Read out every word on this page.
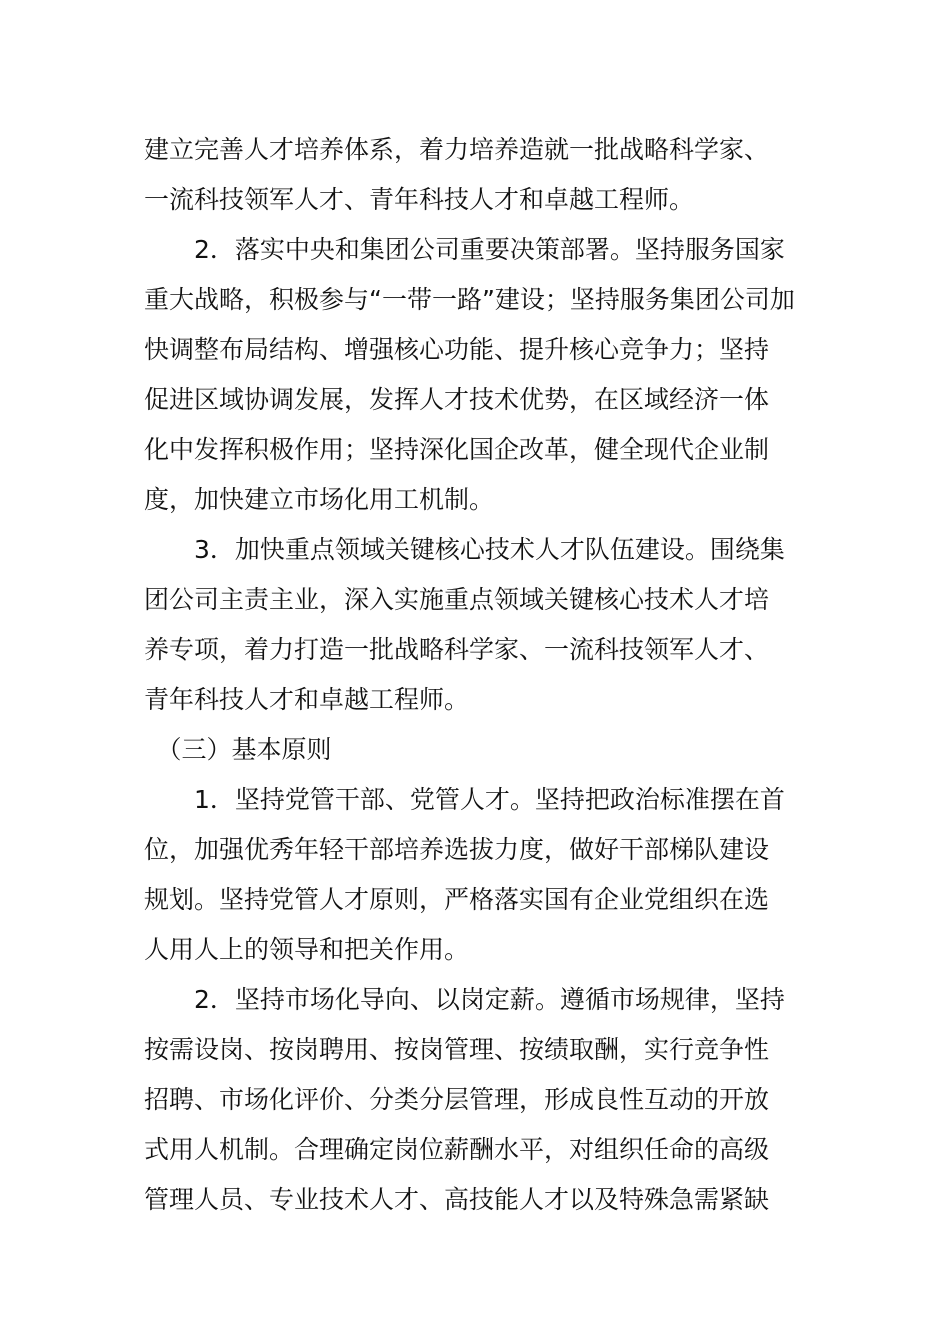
建立完善人才培养体系，着力培养造就一批战略科学家、
一流科技领军人才、青年科技人才和卓越工程师。
　　2．落实中央和集团公司重要决策部署。坚持服务国家
重大战略，积极参与“一带一路”建设；坚持服务集团公司加
快调整布局结构、增强核心功能、提升核心竞争力；坚持
促进区域协调发展，发挥人才技术优势，在区域经济一体
化中发挥积极作用；坚持深化国企改革，健全现代企业制
度，加快建立市场化用工机制。
　　3．加快重点领域关键核心技术人才队伍建设。围绕集
团公司主责主业，深入实施重点领域关键核心技术人才培
养专项，着力打造一批战略科学家、一流科技领军人才、
青年科技人才和卓越工程师。
　（三）基本原则
　　1．坚持党管干部、党管人才。坚持把政治标准摆在首
位，加强优秀年轻干部培养选拔力度，做好干部梯队建设
规划。坚持党管人才原则，严格落实国有企业党组织在选
人用人上的领导和把关作用。
　　2．坚持市场化导向、以岗定薪。遵循市场规律，坚持
按需设岗、按岗聘用、按岗管理、按绩取酬，实行竞争性
招聘、市场化评价、分类分层管理，形成良性互动的开放
式用人机制。合理确定岗位薪酬水平，对组织任命的高级
管理人员、专业技术人才、高技能人才以及特殊急需紧缺
